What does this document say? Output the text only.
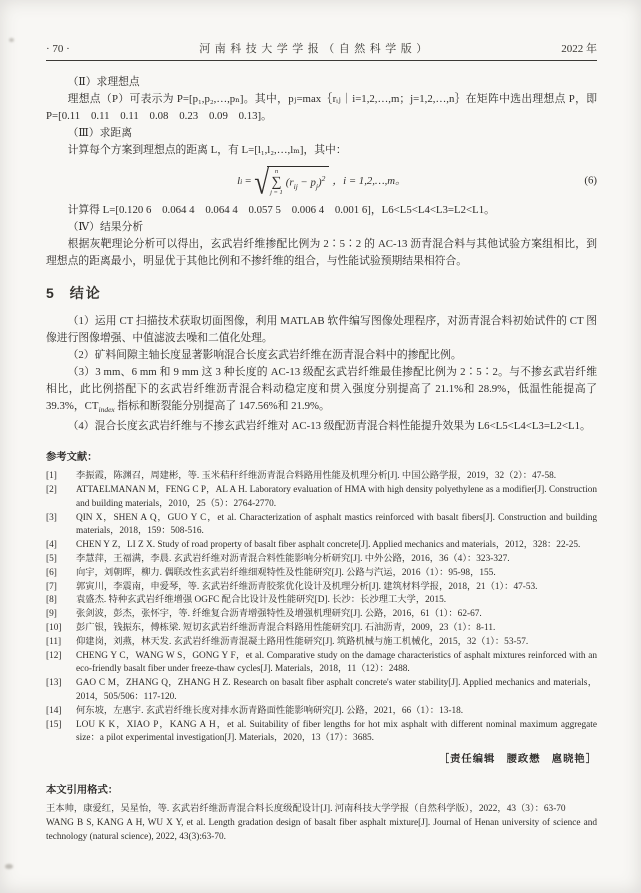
· 70 ·	河南科技大学学报（自然科学版）	2022 年

（Ⅱ）求理想点

理想点（P）可表示为 P=[p₁,p₂,…,pₙ]。其中，pⱼ=max｛rᵢⱼ｜i=1,2,…,m；j=1,2,…,n｝在矩阵中选出理想点 P，即 P=[0.11　0.11　0.11　0.08　0.23　0.09　0.13]。

（Ⅲ）求距离

计算每个方案到理想点的距离 L，有 L=[l₁,l₂,…,lₘ]，其中：

l i = √ n
∑
j = 1
$(r_{ij} - p_j)^2$ ，i = 1,2,…,m。	(6)

计算得 L=[0.120 6　0.064 4　0.064 4　0.057 5　0.006 4　0.001 6]，L6<L5<L4<L3=L2<L1。

（Ⅳ）结果分析

根据灰靶理论分析可以得出，玄武岩纤维掺配比例为 2∶5∶2 的 AC-13 沥青混合料与其他试验方案组相比，到理想点的距离最小，明显优于其他比例和不掺纤维的组合，与性能试验预期结果相符合。

5 结论

（1）运用 CT 扫描技术获取切面图像，利用 MATLAB 软件编写图像处理程序，对沥青混合料初始试件的 CT 图像进行图像增强、中值滤波去噪和二值化处理。

（2）矿料间隙主轴长度显著影响混合长度玄武岩纤维在沥青混合料中的掺配比例。

（3）3 mm、6 mm 和 9 mm 这 3 种长度的 AC-13 级配玄武岩纤维最佳掺配比例为 2∶5∶2。与不掺玄武岩纤维相比，此比例搭配下的玄武岩纤维沥青混合料动稳定度和贯入强度分别提高了 21.1%和 28.9%，低温性能提高了 39.3%，$CT_{index}$ 指标和断裂能分别提高了 147.56%和 21.9%。

（4）混合长度玄武岩纤维与不掺玄武岩纤维对 AC-13 级配沥青混合料性能提升效果为 L6<L5<L4<L3=L2<L1。

参考文献：
[1]	李振霞，陈渊召，周建彬，等. 玉米秸秆纤维沥青混合料路用性能及机理分析[J]. 中国公路学报，2019，32（2）：47-58.
[2]	ATTAELMANAN M，FENG C P，AL A H. Laboratory evaluation of HMA with high density polyethylene as a modifier[J]. Construction and building materials，2010，25（5）：2764-2770.
[3]	QIN X，SHEN A Q，GUO Y C，et al. Characterization of asphalt mastics reinforced with basalt fibers[J]. Construction and building materials，2018，159：508-516.
[4]	CHEN Y Z，LI Z X. Study of road property of basalt fiber asphalt concrete[J]. Applied mechanics and materials，2012，328：22-25.
[5]	李慧萍，王福满，李晨. 玄武岩纤维对沥青混合料性能影响分析研究[J]. 中外公路，2016，36（4）：323-327.
[6]	向宇，刘朝晖，柳力. 偶联改性玄武岩纤维细观特性及性能研究[J]. 公路与汽运，2016（1）：95-98，155.
[7]	郭寅川，李震南，申爱琴，等. 玄武岩纤维沥青胶浆优化设计及机理分析[J]. 建筑材料学报，2018，21（1）：47-53.
[8]	袁盛杰. 特种玄武岩纤维增强 OGFC 配合比设计及性能研究[D]. 长沙：长沙理工大学，2015.
[9]	张剑波，彭杰，张怀宇，等. 纤维复合沥青增强特性及增强机理研究[J]. 公路，2016，61（1）：62-67.
[10]	彭广银，钱振东，傅栋梁. 短切玄武岩纤维沥青混合料路用性能研究[J]. 石油沥青，2009，23（1）：8-11.
[11]	仰建岗，刘燕，林天发. 玄武岩纤维沥青混凝土路用性能研究[J]. 筑路机械与施工机械化，2015，32（1）：53-57.
[12]	CHENG Y C，WANG W S，GONG Y F，et al. Comparative study on the damage characteristics of asphalt mixtures reinforced with an eco-friendly basalt fiber under freeze-thaw cycles[J]. Materials，2018，11（12）：2488.
[13]	GAO C M，ZHANG Q，ZHANG H Z. Research on basalt fiber asphalt concrete's water stability[J]. Applied mechanics and materials，2014，505/506：117-120.
[14]	何东坡，左惠宇. 玄武岩纤维长度对排水沥青路面性能影响研究[J]. 公路，2021，66（1）：13-18.
[15]	LOU K K，XIAO P，KANG A H，et al. Suitability of fiber lengths for hot mix asphalt with different nominal maximum aggregate size：a pilot experimental investigation[J]. Materials，2020，13（17）：3685.

［责任编辑　腰政懋　扈晓艳］

本文引用格式：

王本帅，康爱红，吴星怡，等. 玄武岩纤维沥青混合料长度级配设计[J]. 河南科技大学学报（自然科学版），2022，43（3）：63-70

WANG B S, KANG A H, WU X Y, et al. Length gradation design of basalt fiber asphalt mixture[J]. Journal of Henan university of science and technology (natural science), 2022, 43(3):63-70.
